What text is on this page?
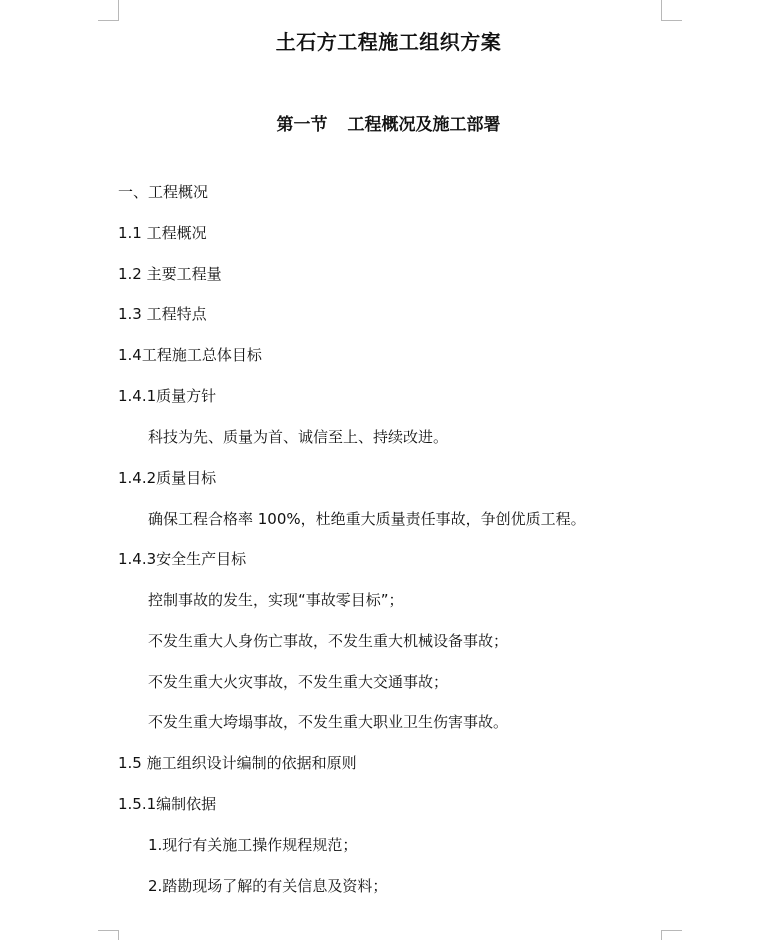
土石方工程施工组织方案
第一节 工程概况及施工部署
一、工程概况
1.1 工程概况
1.2 主要工程量
1.3 工程特点
1.4工程施工总体目标
1.4.1质量方针
科技为先、质量为首、诚信至上、持续改进。
1.4.2质量目标
确保工程合格率 100%，杜绝重大质量责任事故，争创优质工程。
1.4.3安全生产目标
控制事故的发生，实现“事故零目标”；
不发生重大人身伤亡事故，不发生重大机械设备事故；
不发生重大火灾事故，不发生重大交通事故；
不发生重大垮塌事故，不发生重大职业卫生伤害事故。
1.5 施工组织设计编制的依据和原则
1.5.1编制依据
1.现行有关施工操作规程规范；
2.踏勘现场了解的有关信息及资料；
